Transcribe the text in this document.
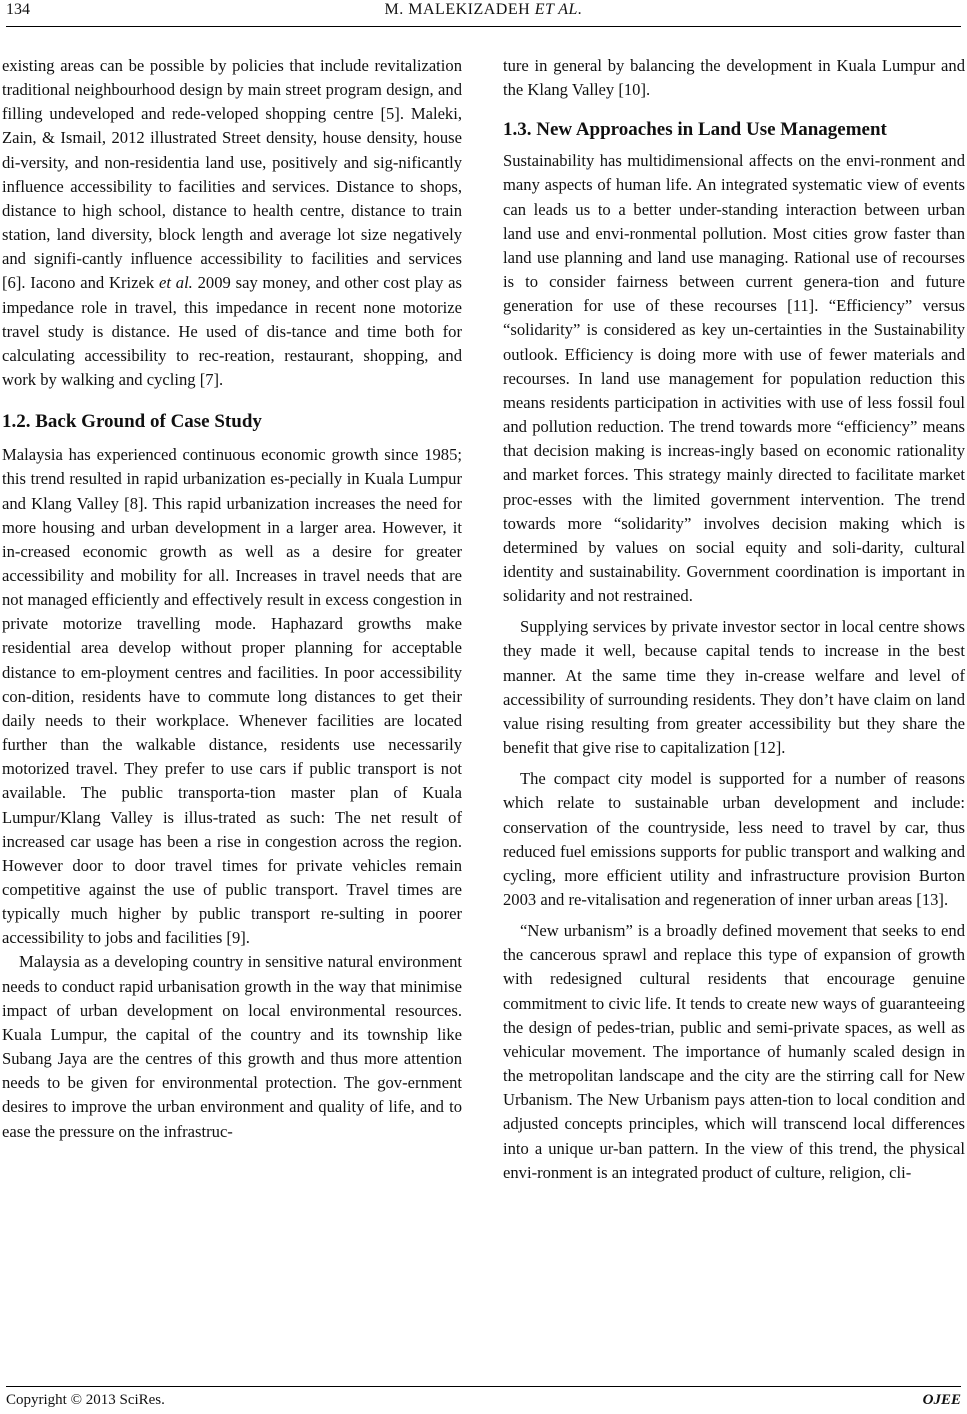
134	M. MALEKIZADEH ET AL.

existing areas can be possible by policies that include revitalization traditional neighbourhood design by main street program design, and filling undeveloped and rede-veloped shopping centre [5]. Maleki, Zain, & Ismail, 2012 illustrated Street density, house density, house di-versity, and non-residentia land use, positively and sig-nificantly influence accessibility to facilities and services. Distance to shops, distance to high school, distance to health centre, distance to train station, land diversity, block length and average lot size negatively and signifi-cantly influence accessibility to facilities and services [6]. Iacono and Krizek et al. 2009 say money, and other cost play as impedance role in travel, this impedance in recent none motorize travel study is distance. He used of dis-tance and time both for calculating accessibility to rec-reation, restaurant, shopping, and work by walking and cycling [7].

1.2. Back Ground of Case Study

Malaysia has experienced continuous economic growth since 1985; this trend resulted in rapid urbanization es-pecially in Kuala Lumpur and Klang Valley [8]. This rapid urbanization increases the need for more housing and urban development in a larger area. However, it in-creased economic growth as well as a desire for greater accessibility and mobility for all. Increases in travel needs that are not managed efficiently and effectively result in excess congestion in private motorize travelling mode. Haphazard growths make residential area develop without proper planning for acceptable distance to em-ployment centres and facilities. In poor accessibility con-dition, residents have to commute long distances to get their daily needs to their workplace. Whenever facilities are located further than the walkable distance, residents use necessarily motorized travel. They prefer to use cars if public transport is not available. The public transporta-tion master plan of Kuala Lumpur/Klang Valley is illus-trated as such: The net result of increased car usage has been a rise in congestion across the region. However door to door travel times for private vehicles remain competitive against the use of public transport. Travel times are typically much higher by public transport re-sulting in poorer accessibility to jobs and facilities [9].

Malaysia as a developing country in sensitive natural environment needs to conduct rapid urbanisation growth in the way that minimise impact of urban development on local environmental resources. Kuala Lumpur, the capital of the country and its township like Subang Jaya are the centres of this growth and thus more attention needs to be given for environmental protection. The gov-ernment desires to improve the urban environment and quality of life, and to ease the pressure on the infrastruc-

ture in general by balancing the development in Kuala Lumpur and the Klang Valley [10].

1.3. New Approaches in Land Use Management

Sustainability has multidimensional affects on the envi-ronment and many aspects of human life. An integrated systematic view of events can leads us to a better under-standing interaction between urban land use and envi-ronmental pollution. Most cities grow faster than land use planning and land use managing. Rational use of recourses is to consider fairness between current genera-tion and future generation for use of these recourses [11]. “Efficiency” versus “solidarity” is considered as key un-certainties in the Sustainability outlook. Efficiency is doing more with use of fewer materials and recourses. In land use management for population reduction this means residents participation in activities with use of less fossil foul and pollution reduction. The trend towards more “efficiency” means that decision making is increas-ingly based on economic rationality and market forces. This strategy mainly directed to facilitate market proc-esses with the limited government intervention. The trend towards more “solidarity” involves decision making which is determined by values on social equity and soli-darity, cultural identity and sustainability. Government coordination is important in solidarity and not restrained.

Supplying services by private investor sector in local centre shows they made it well, because capital tends to increase in the best manner. At the same time they in-crease welfare and level of accessibility of surrounding residents. They don’t have claim on land value rising resulting from greater accessibility but they share the benefit that give rise to capitalization [12].

The compact city model is supported for a number of reasons which relate to sustainable urban development and include: conservation of the countryside, less need to travel by car, thus reduced fuel emissions supports for public transport and walking and cycling, more efficient utility and infrastructure provision Burton 2003 and re-vitalisation and regeneration of inner urban areas [13].

“New urbanism” is a broadly defined movement that seeks to end the cancerous sprawl and replace this type of expansion of growth with redesigned cultural residents that encourage genuine commitment to civic life. It tends to create new ways of guaranteeing the design of pedes-trian, public and semi-private spaces, as well as vehicular movement. The importance of humanly scaled design in the metropolitan landscape and the city are the stirring call for New Urbanism. The New Urbanism pays atten-tion to local condition and adjusted concepts principles, which will transcend local differences into a unique ur-ban pattern. In the view of this trend, the physical envi-ronment is an integrated product of culture, religion, cli-

Copyright © 2013 SciRes.	OJEE
